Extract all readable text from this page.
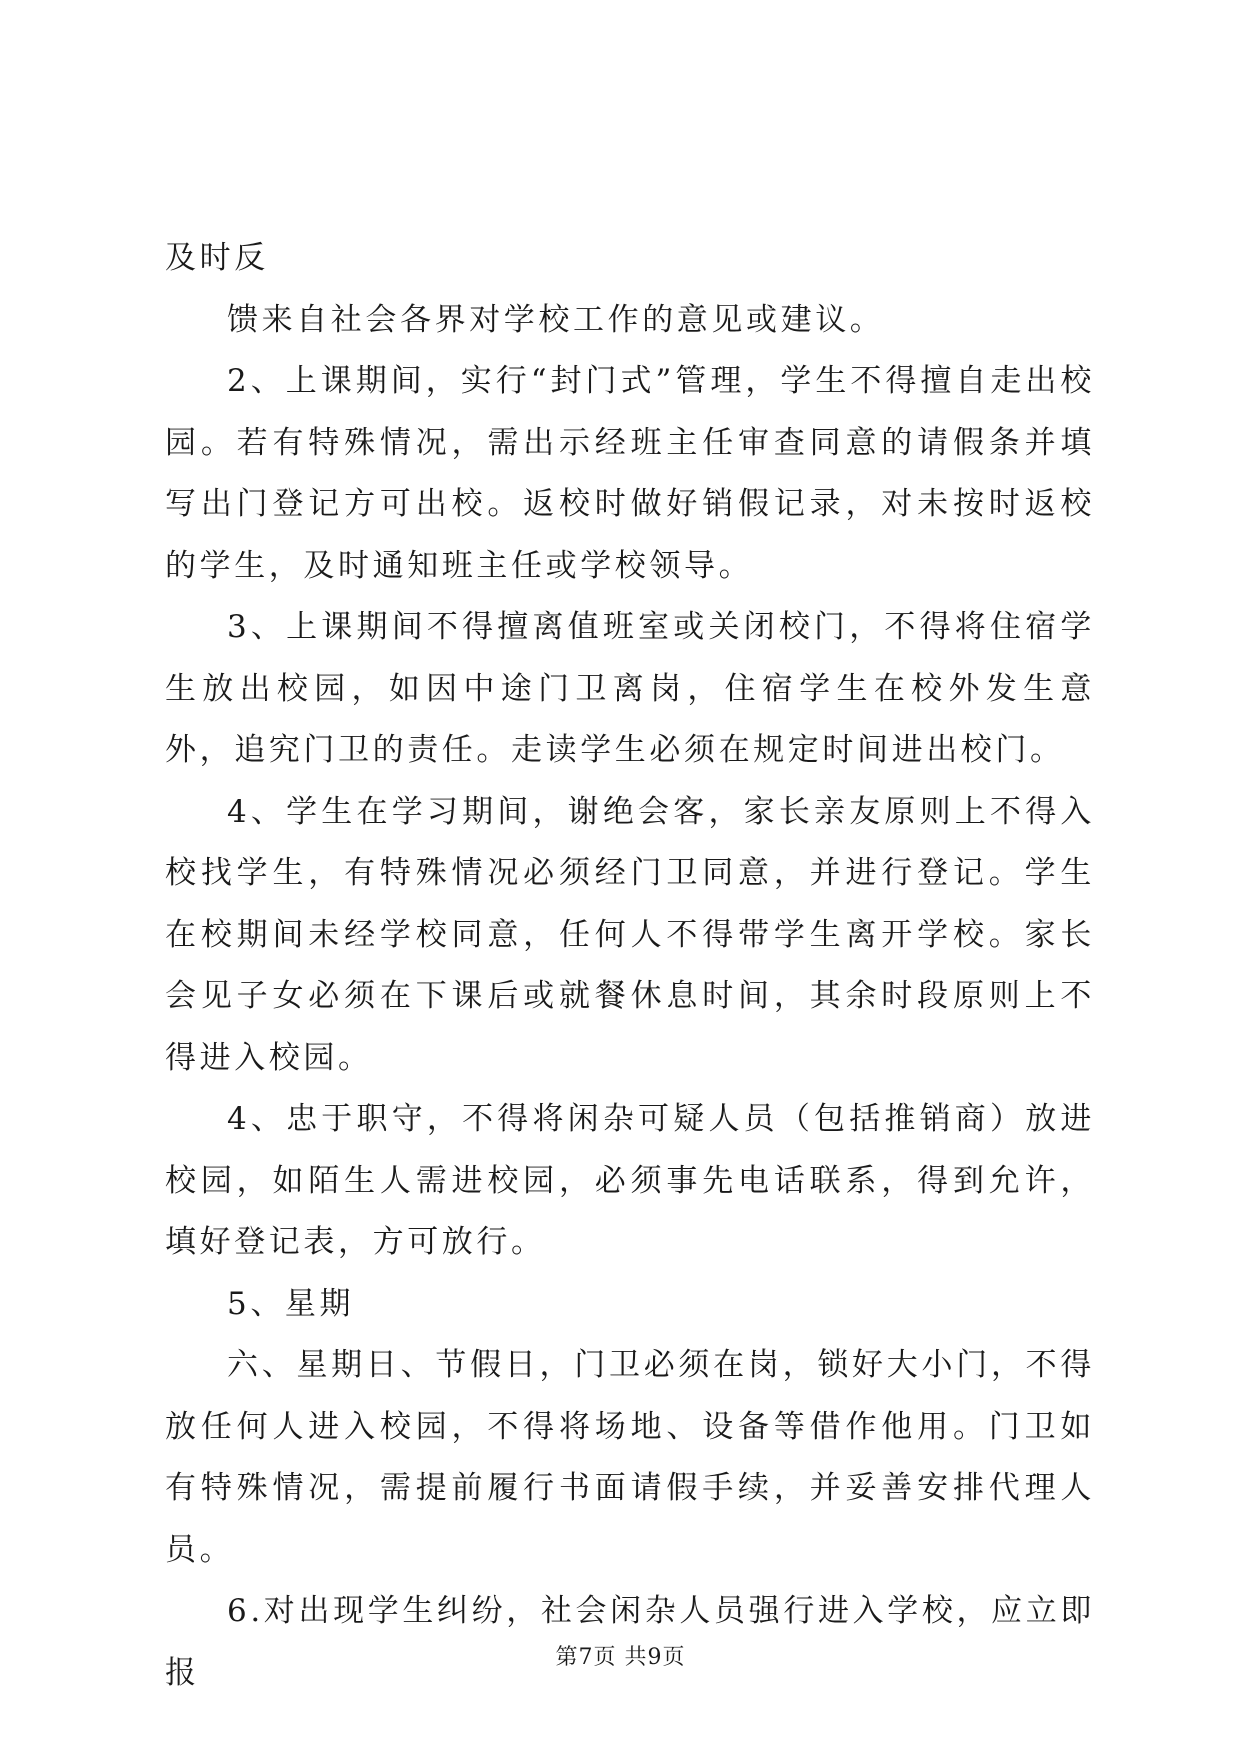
及时反

馈来自社会各界对学校工作的意见或建议。

2、上课期间，实行“封门式”管理，学生不得擅自走出校园。若有特殊情况，需出示经班主任审查同意的请假条并填写出门登记方可出校。返校时做好销假记录，对未按时返校的学生，及时通知班主任或学校领导。

3、上课期间不得擅离值班室或关闭校门，不得将住宿学生放出校园，如因中途门卫离岗，住宿学生在校外发生意外，追究门卫的责任。走读学生必须在规定时间进出校门。

4、学生在学习期间，谢绝会客，家长亲友原则上不得入校找学生，有特殊情况必须经门卫同意，并进行登记。学生在校期间未经学校同意，任何人不得带学生离开学校。家长会见子女必须在下课后或就餐休息时间，其余时段原则上不得进入校园。

4、忠于职守，不得将闲杂可疑人员（包括推销商）放进校园，如陌生人需进校园，必须事先电话联系，得到允许，填好登记表，方可放行。

5、星期

六、星期日、节假日，门卫必须在岗，锁好大小门，不得放任何人进入校园，不得将场地、设备等借作他用。门卫如有特殊情况，需提前履行书面请假手续，并妥善安排代理人员。

6.对出现学生纠纷，社会闲杂人员强行进入学校，应立即报	第7页 共9页
